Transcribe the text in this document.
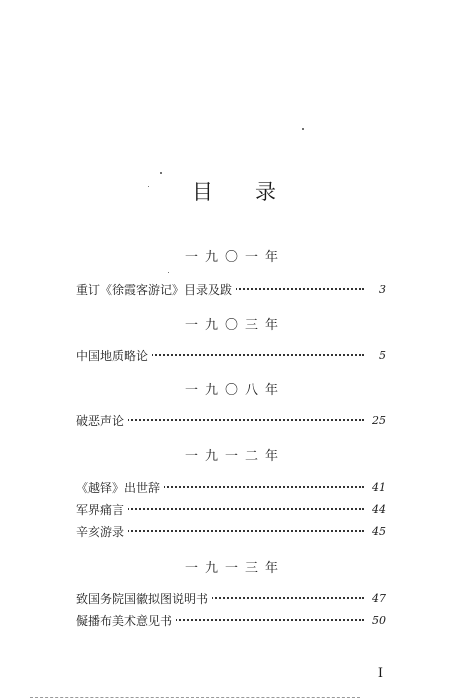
目 录
一九〇一年
重订《徐霞客游记》目录及跋	3
一九〇三年
中国地质略论	5
一九〇八年
破恶声论	25
一九一二年
《越铎》出世辞	41
军界痛言	44
辛亥游录	45
一九一三年
致国务院国徽拟图说明书	47
儗播布美术意见书	50
I
